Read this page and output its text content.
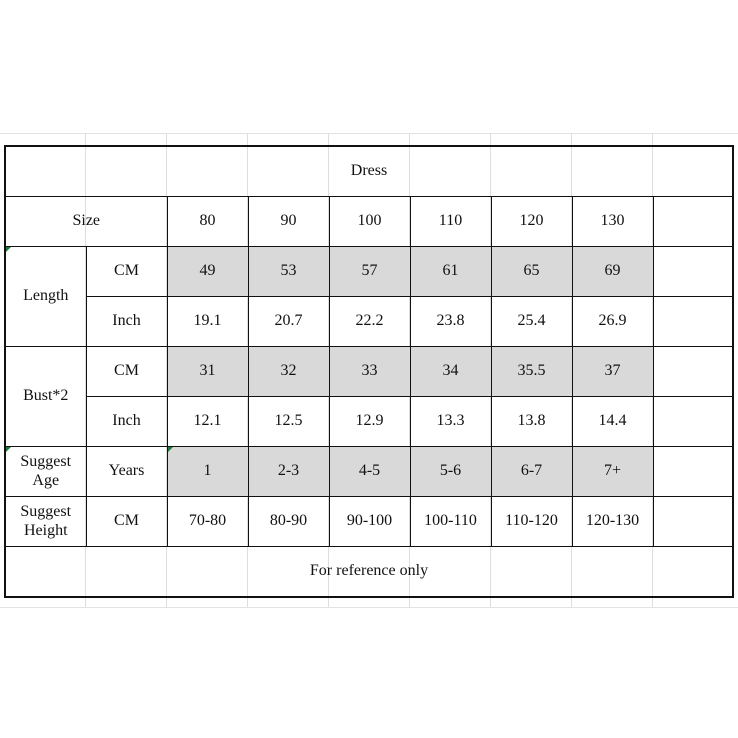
Dress								
Size		80	90	100	110	120	130	
Length	CM	49	53	57	61	65	69	
	Inch	19.1	20.7	22.2	23.8	25.4	26.9	
Bust*2	CM	31	32	33	34	35.5	37	
	Inch	12.1	12.5	12.9	13.3	13.8	14.4	
Suggest
Age	Years	1	2-3	4-5	5-6	6-7	7+	
Suggest
Height	CM	70-80	80-90	90-100	100-110	110-120	120-130	
For reference only								
